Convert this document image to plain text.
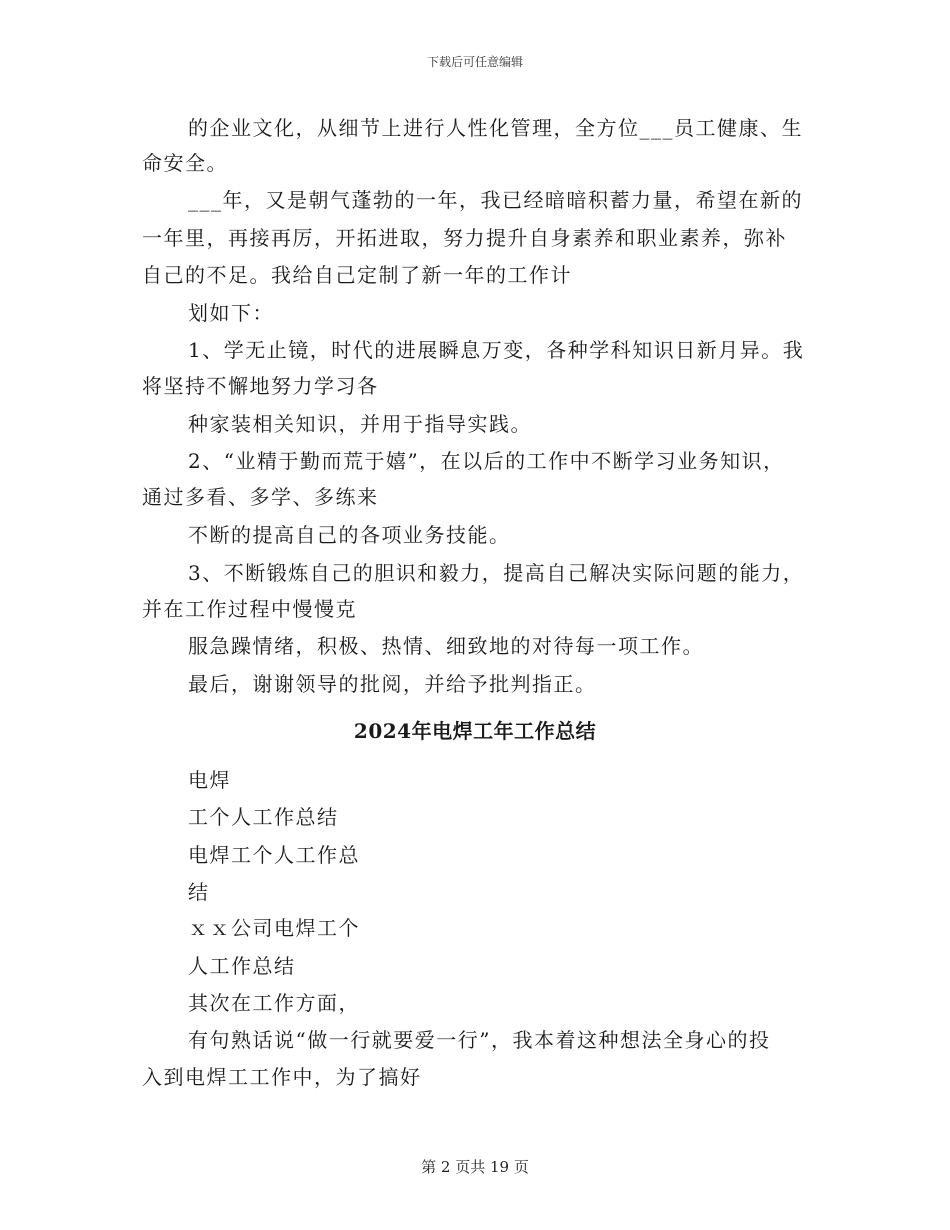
下载后可任意编辑
的企业文化，从细节上进行人性化管理，全方位___员工健康、生
命安全。
___年，又是朝气蓬勃的一年，我已经暗暗积蓄力量，希望在新的
一年里，再接再厉，开拓进取，努力提升自身素养和职业素养，弥补
自己的不足。我给自己定制了新一年的工作计
划如下：
1、学无止镜，时代的进展瞬息万变，各种学科知识日新月异。我
将坚持不懈地努力学习各
种家装相关知识，并用于指导实践。
2、“业精于勤而荒于嬉”，在以后的工作中不断学习业务知识，
通过多看、多学、多练来
不断的提高自己的各项业务技能。
3、不断锻炼自己的胆识和毅力，提高自己解决实际问题的能力，
并在工作过程中慢慢克
服急躁情绪，积极、热情、细致地的对待每一项工作。
最后，谢谢领导的批阅，并给予批判指正。
2024年电焊工年工作总结
电焊
工个人工作总结
电焊工个人工作总
结
ｘｘ公司电焊工个
人工作总结
其次在工作方面，
有句熟话说“做一行就要爱一行”，我本着这种想法全身心的投
入到电焊工工作中，为了搞好
第 2 页共 19 页
